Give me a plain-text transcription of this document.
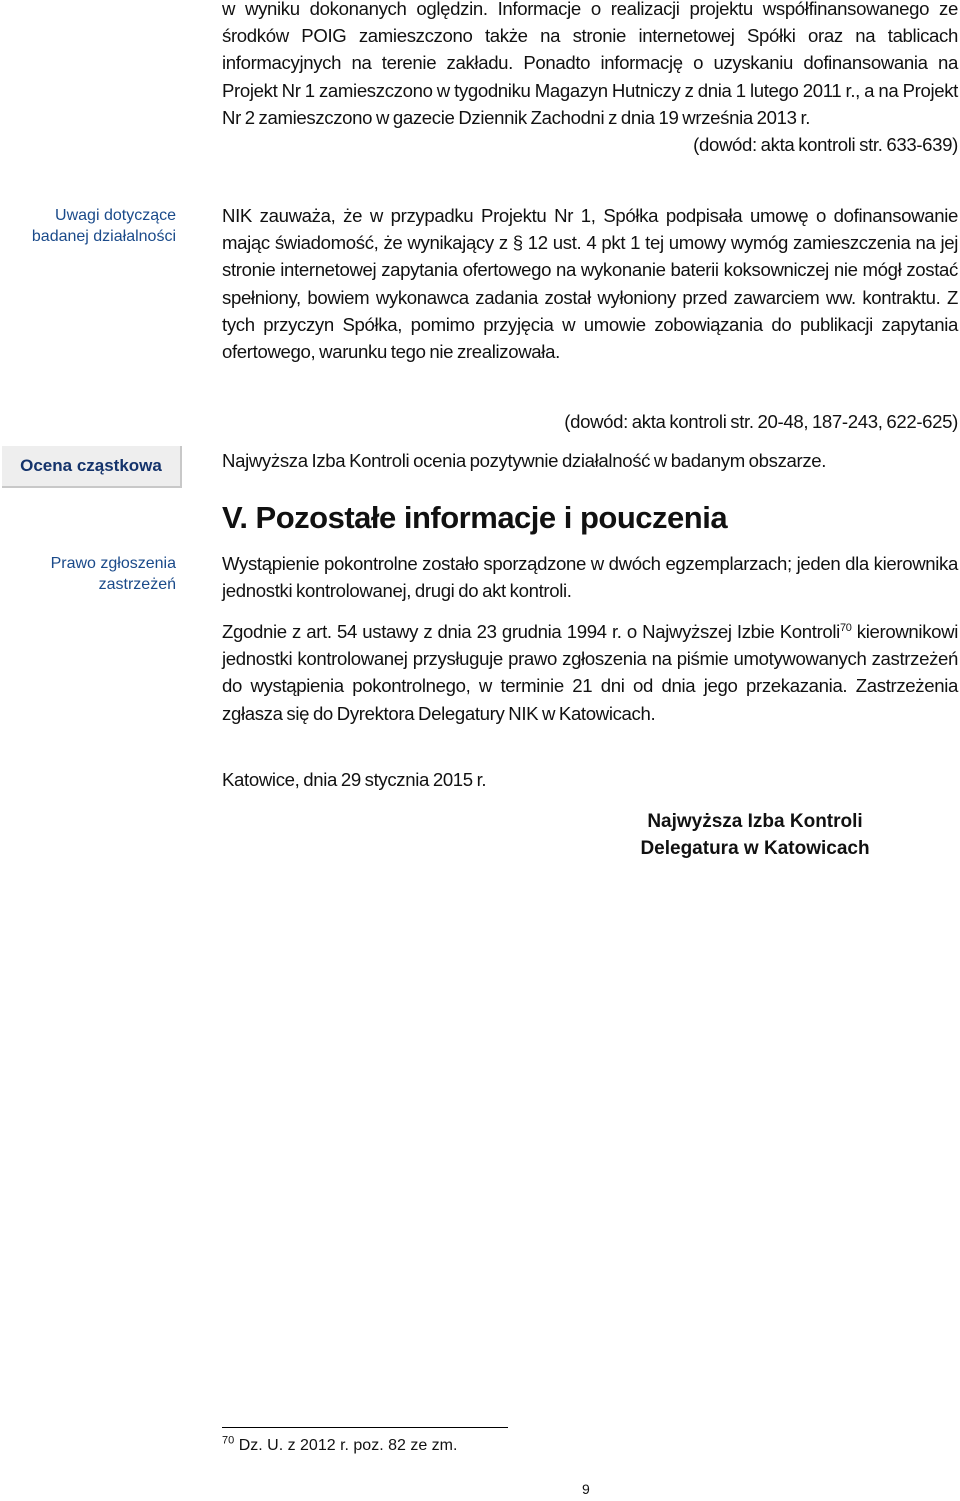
Uwagi dotyczące badanej działalności
Ocena cząstkowa
Prawo zgłoszenia zastrzeżeń

w wyniku dokonanych oględzin. Informacje o realizacji projektu współfinansowanego ze środków POIG zamieszczono także na stronie internetowej Spółki oraz na tablicach informacyjnych na terenie zakładu. Ponadto informację o uzyskaniu dofinansowania na Projekt Nr 1 zamieszczono w tygodniku Magazyn Hutniczy z dnia 1 lutego 2011 r., a na Projekt Nr 2 zamieszczono w gazecie Dziennik Zachodni z dnia 19 września 2013 r.

(dowód: akta kontroli str. 633-639)

NIK zauważa, że w przypadku Projektu Nr 1, Spółka podpisała umowę o dofinansowanie mając świadomość, że wynikający z § 12 ust. 4 pkt 1 tej umowy wymóg zamieszczenia na jej stronie internetowej zapytania ofertowego na wykonanie baterii koksowniczej nie mógł zostać spełniony, bowiem wykonawca zadania został wyłoniony przed zawarciem ww. kontraktu. Z tych przyczyn Spółka, pomimo przyjęcia w umowie zobowiązania do publikacji zapytania ofertowego, warunku tego nie zrealizowała.

(dowód: akta kontroli str. 20-48, 187-243, 622-625)
Najwyższa Izba Kontroli ocenia pozytywnie działalność w badanym obszarze.
V. Pozostałe informacje i pouczenia
Wystąpienie pokontrolne zostało sporządzone w dwóch egzemplarzach; jeden dla kierownika jednostki kontrolowanej, drugi do akt kontroli.

Zgodnie z art. 54 ustawy z dnia 23 grudnia 1994 r. o Najwyższej Izbie Kontroli$^{70}$ kierownikowi jednostki kontrolowanej przysługuje prawo zgłoszenia na piśmie umotywowanych zastrzeżeń do wystąpienia pokontrolnego, w terminie 21 dni od dnia jego przekazania. Zastrzeżenia zgłasza się do Dyrektora Delegatury NIK w Katowicach.

Katowice, dnia 29 stycznia 2015 r.
Najwyższa Izba Kontroli
Delegatura w Katowicach
$^{70}$ Dz. U. z 2012 r. poz. 82 ze zm.
9
